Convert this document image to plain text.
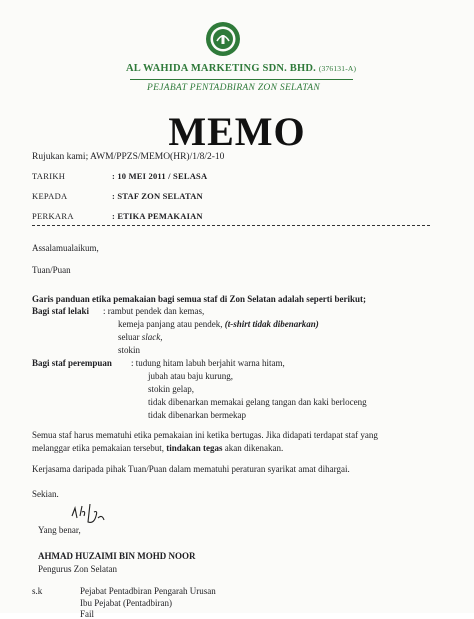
AL WAHIDA MARKETING SDN. BHD. (376131-A)
PEJABAT PENTADBIRAN ZON SELATAN
MEMO
Rujukan kami; AWM/PPZS/MEMO(HR)/1/8/2-10
TARIKH	: 10 MEI 2011 / SELASA
KEPADA	: STAF ZON SELATAN
PERKARA	: ETIKA PEMAKAIAN
Assalamualaikum,
Tuan/Puan
Garis panduan etika pemakaian bagi semua staf di Zon Selatan adalah seperti berikut;
Bagi staf lelaki : rambut pendek dan kemas,
kemeja panjang atau pendek, (t-shirt tidak dibenarkan)
seluar slack,
stokin
Bagi staf perempuan : tudung hitam labuh berjahit warna hitam,
jubah atau baju kurung,
stokin gelap,
tidak dibenarkan memakai gelang tangan dan kaki berloceng
tidak dibenarkan bermekap
Semua staf harus mematuhi etika pemakaian ini ketika bertugas. Jika didapati terdapat staf yang
melanggar etika pemakaian tersebut, tindakan tegas akan dikenakan.
Kerjasama daripada pihak Tuan/Puan dalam mematuhi peraturan syarikat amat dihargai.
Sekian.
Yang benar,
AHMAD HUZAIMI BIN MOHD NOOR
Pengurus Zon Selatan
s.k	Pejabat Pentadbiran Pengarah Urusan
Ibu Pejabat (Pentadbiran)
Fail
